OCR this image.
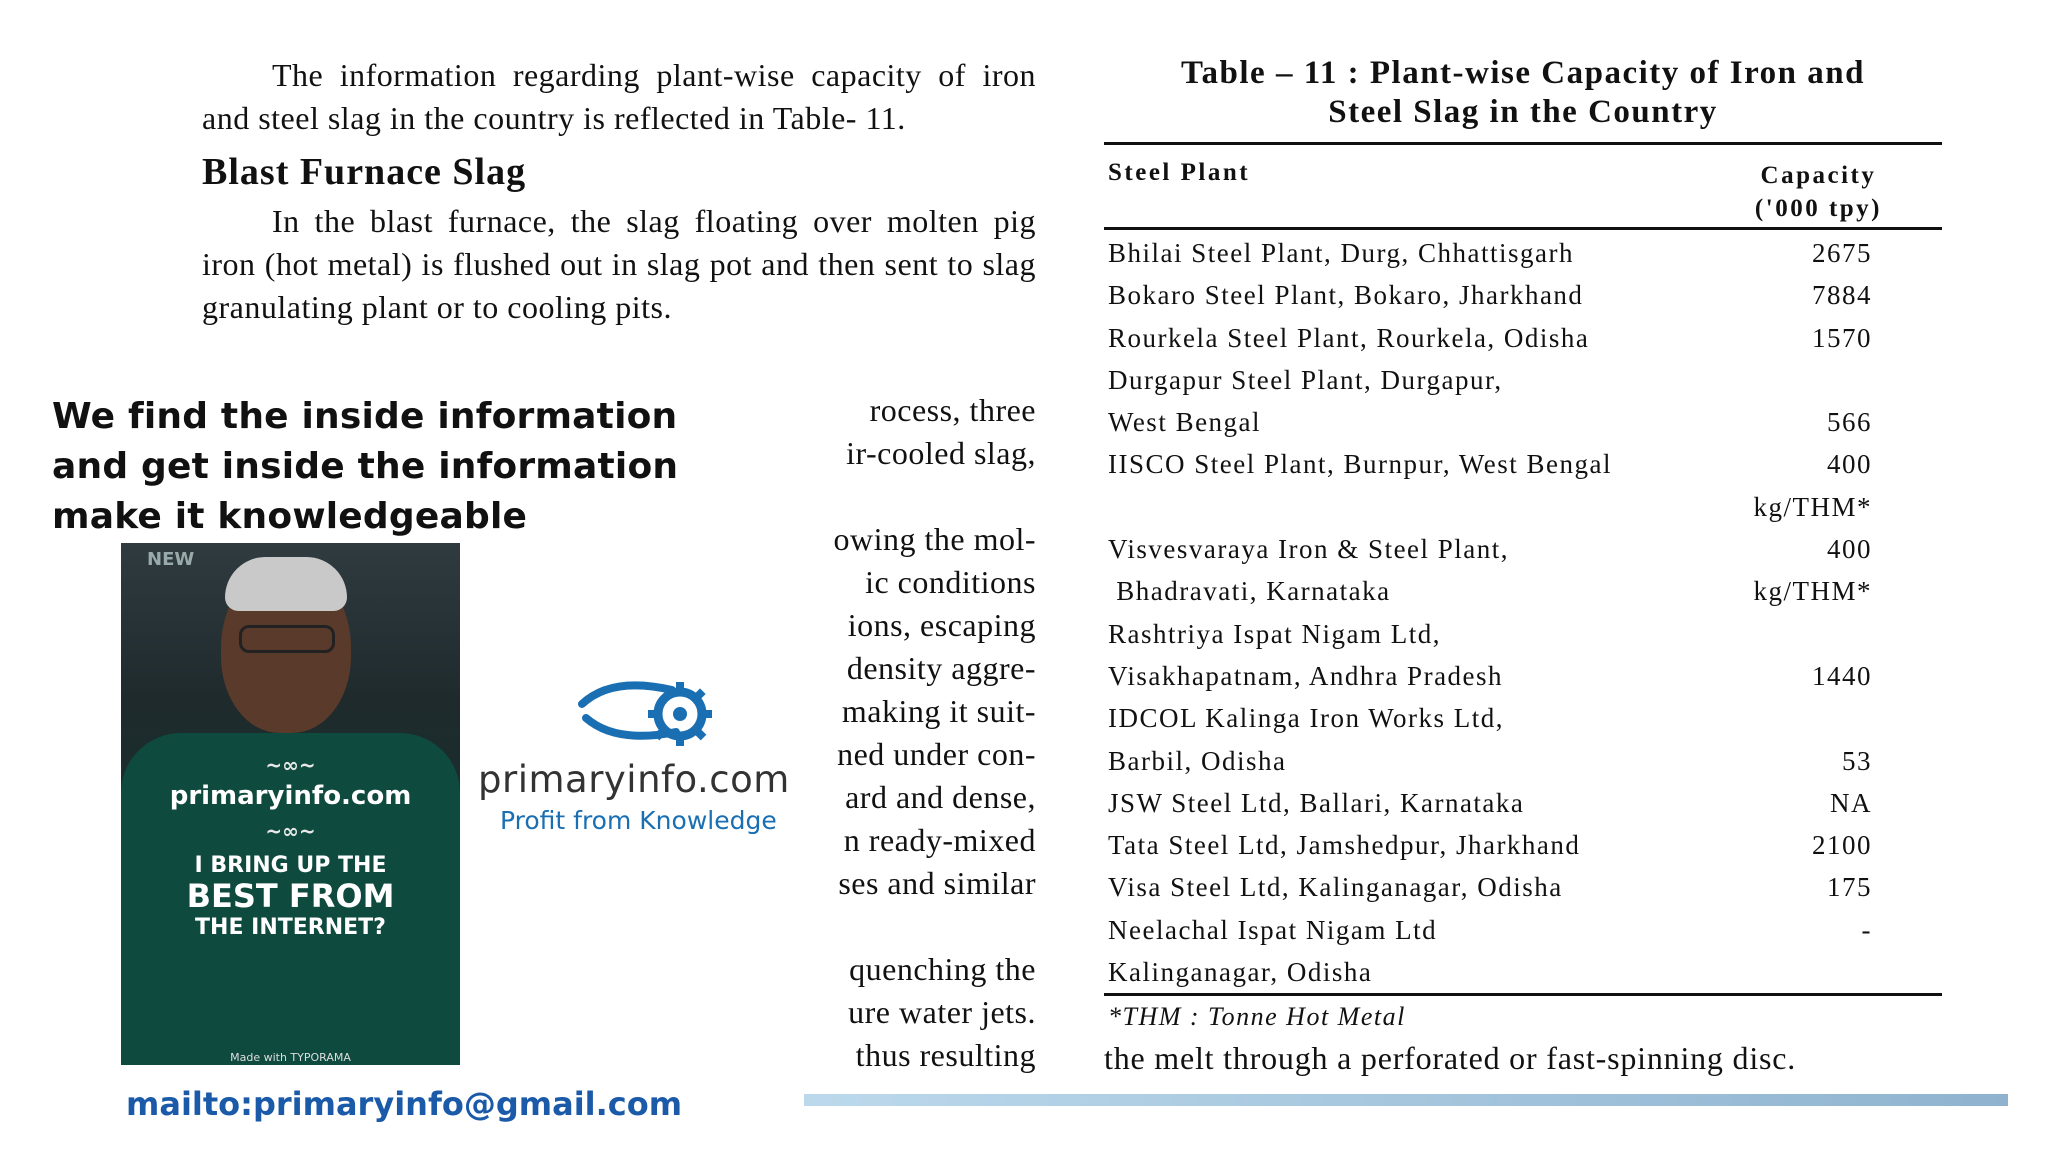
The information regarding plant-wise capacity of iron and steel slag in the country is reflected in Table- 11.

Blast Furnace Slag

In the blast furnace, the slag floating over molten pig iron (hot metal) is flushed out in slag pot and then sent to slag granulating plant or to cooling pits.

rocess, three
ir-cooled slag,

owing the mol-
ic conditions
ions, escaping
density aggre-
making it suit-
ned under con-
ard and dense,
n ready-mixed
ses and similar

quenching the
ure water jets.
thus resulting
We find the inside information
and get inside the information
make it knowledgeable
NEW
~∞~
primaryinfo.com
~∞~
I BRING UP THE
BEST FROM
THE INTERNET?
Made with TYPORAMA
primaryinfo.com
Profit from Knowledge
mailto:primaryinfo@gmail.com
Table – 11 : Plant-wise Capacity of Iron and
Steel Slag in the Country
Steel Plant	Capacity
('000 tpy)
Bhilai Steel Plant, Durg, Chhattisgarh	2675
Bokaro Steel Plant, Bokaro, Jharkhand	7884
Rourkela Steel Plant, Rourkela, Odisha	1570
Durgapur Steel Plant, Durgapur,
West Bengal	566
IISCO Steel Plant, Burnpur, West Bengal	400
kg/THM*
Visvesvaraya Iron & Steel Plant,	400
Bhadravati, Karnataka	kg/THM*
Rashtriya Ispat Nigam Ltd,
Visakhapatnam, Andhra Pradesh	1440
IDCOL Kalinga Iron Works Ltd,
Barbil, Odisha	53
JSW Steel Ltd, Ballari, Karnataka	NA
Tata Steel Ltd, Jamshedpur, Jharkhand	2100
Visa Steel Ltd, Kalinganagar, Odisha	175
Neelachal Ispat Nigam Ltd	-
Kalinganagar, Odisha
*THM : Tonne Hot Metal
the melt through a perforated or fast-spinning disc.
